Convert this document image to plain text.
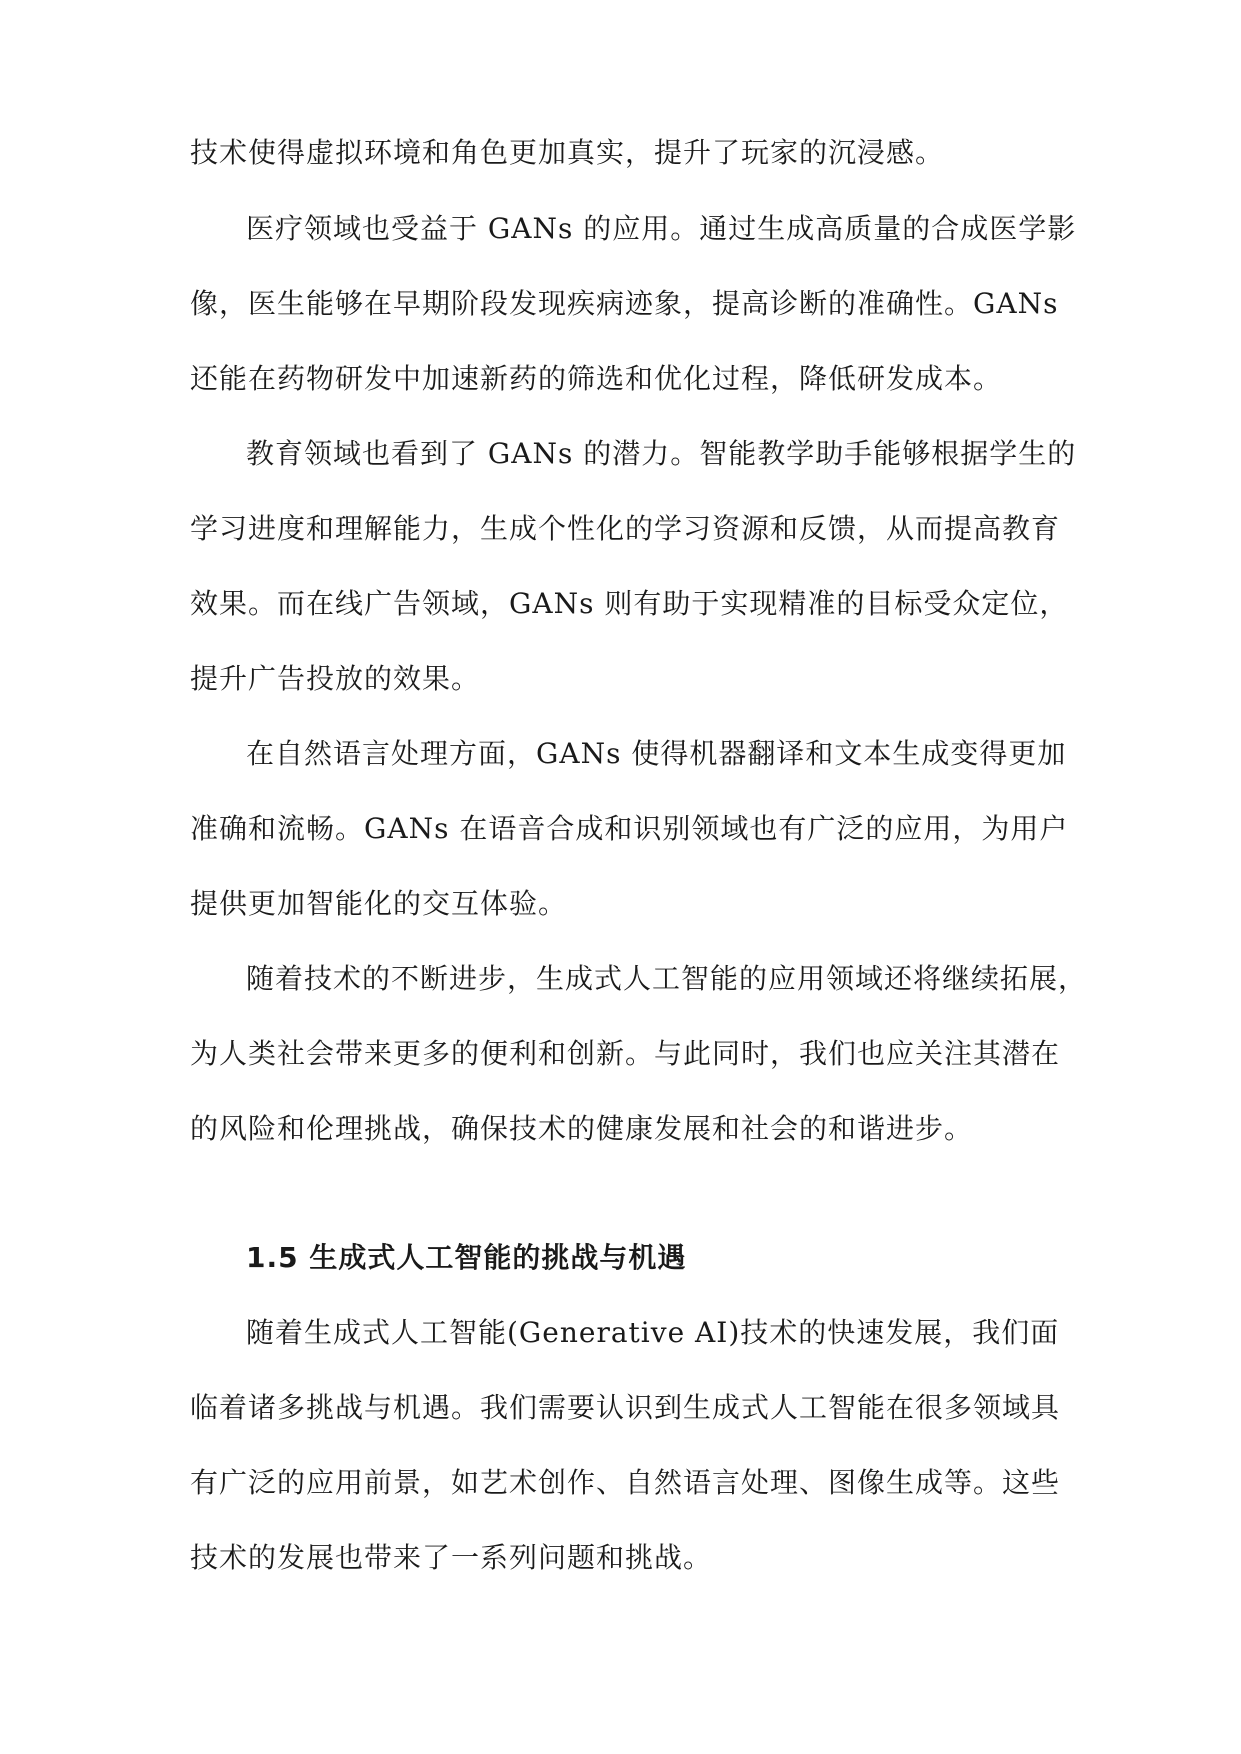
技术使得虚拟环境和角色更加真实，提升了玩家的沉浸感。
医疗领域也受益于 GANs 的应用。通过生成高质量的合成医学影
像，医生能够在早期阶段发现疾病迹象，提高诊断的准确性。GANs
还能在药物研发中加速新药的筛选和优化过程，降低研发成本。
教育领域也看到了 GANs 的潜力。智能教学助手能够根据学生的
学习进度和理解能力，生成个性化的学习资源和反馈，从而提高教育
效果。而在线广告领域，GANs 则有助于实现精准的目标受众定位，
提升广告投放的效果。
在自然语言处理方面，GANs 使得机器翻译和文本生成变得更加
准确和流畅。GANs 在语音合成和识别领域也有广泛的应用，为用户
提供更加智能化的交互体验。
随着技术的不断进步，生成式人工智能的应用领域还将继续拓展，
为人类社会带来更多的便利和创新。与此同时，我们也应关注其潜在
的风险和伦理挑战，确保技术的健康发展和社会的和谐进步。
1.5 生成式人工智能的挑战与机遇
随着生成式人工智能(Generative AI)技术的快速发展，我们面
临着诸多挑战与机遇。我们需要认识到生成式人工智能在很多领域具
有广泛的应用前景，如艺术创作、自然语言处理、图像生成等。这些
技术的发展也带来了一系列问题和挑战。
